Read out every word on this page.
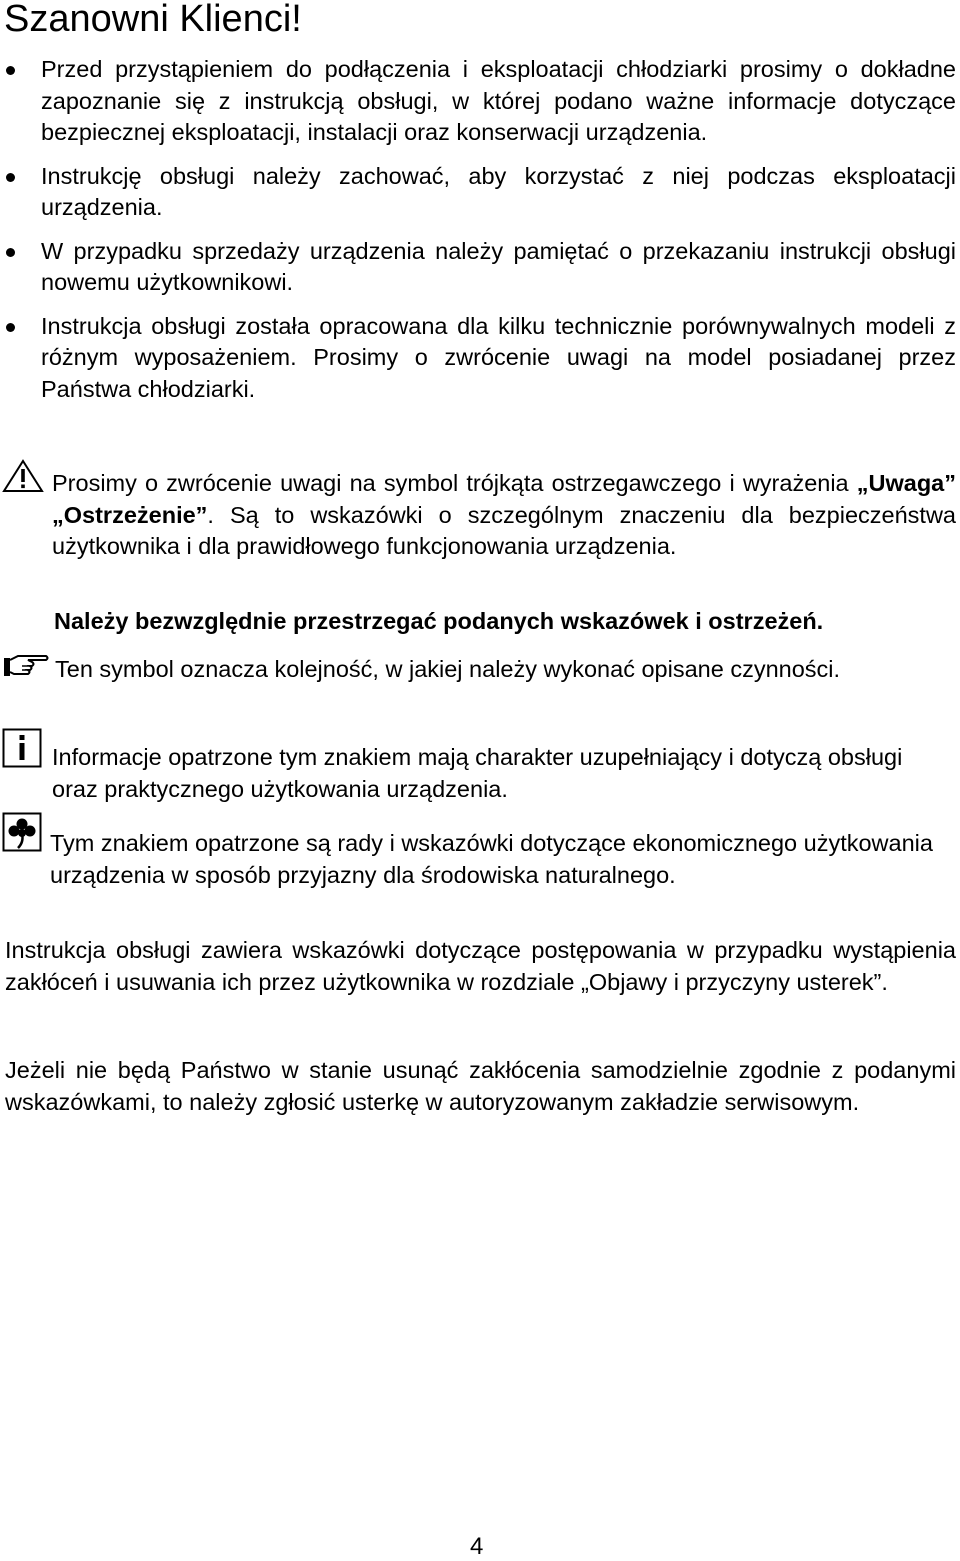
Szanowni Klienci!
Przed przystąpieniem do podłączenia i eksploatacji chłodziarki prosimy o dokładne zapoznanie się z instrukcją obsługi, w której podano ważne informacje dotyczące bezpiecznej eksploatacji, instalacji oraz konserwacji urządzenia.
Instrukcję obsługi należy zachować, aby korzystać z niej podczas eksploatacji urządzenia.
W przypadku sprzedaży urządzenia należy pamiętać o przekazaniu instrukcji obsługi nowemu użytkownikowi.
Instrukcja obsługi została opracowana dla kilku technicznie porównywalnych modeli z różnym wyposażeniem. Prosimy o zwrócenie uwagi na model posiadanej przez Państwa chłodziarki.
Prosimy o zwrócenie uwagi na symbol trójkąta ostrzegawczego i wyrażenia „Uwaga” „Ostrzeżenie”. Są to wskazówki o szczególnym znaczeniu dla bezpieczeństwa użytkownika i dla prawidłowego funkcjonowania urządzenia.
Należy bezwzględnie przestrzegać podanych wskazówek i ostrzeżeń.
Ten symbol oznacza kolejność, w jakiej należy wykonać opisane czynności.
Informacje opatrzone tym znakiem mają charakter uzupełniający i dotyczą obsługi oraz praktycznego użytkowania urządzenia.
Tym znakiem opatrzone są rady i wskazówki dotyczące ekonomicznego użytkowania urządzenia w sposób przyjazny dla środowiska naturalnego.

Instrukcja obsługi zawiera wskazówki dotyczące postępowania w przypadku wystąpienia zakłóceń i usuwania ich przez użytkownika w rozdziale „Objawy i przyczyny usterek”.

Jeżeli nie będą Państwo w stanie usunąć zakłócenia samodzielnie zgodnie z podanymi wskazówkami, to należy zgłosić usterkę w autoryzowanym zakładzie serwisowym.

4
